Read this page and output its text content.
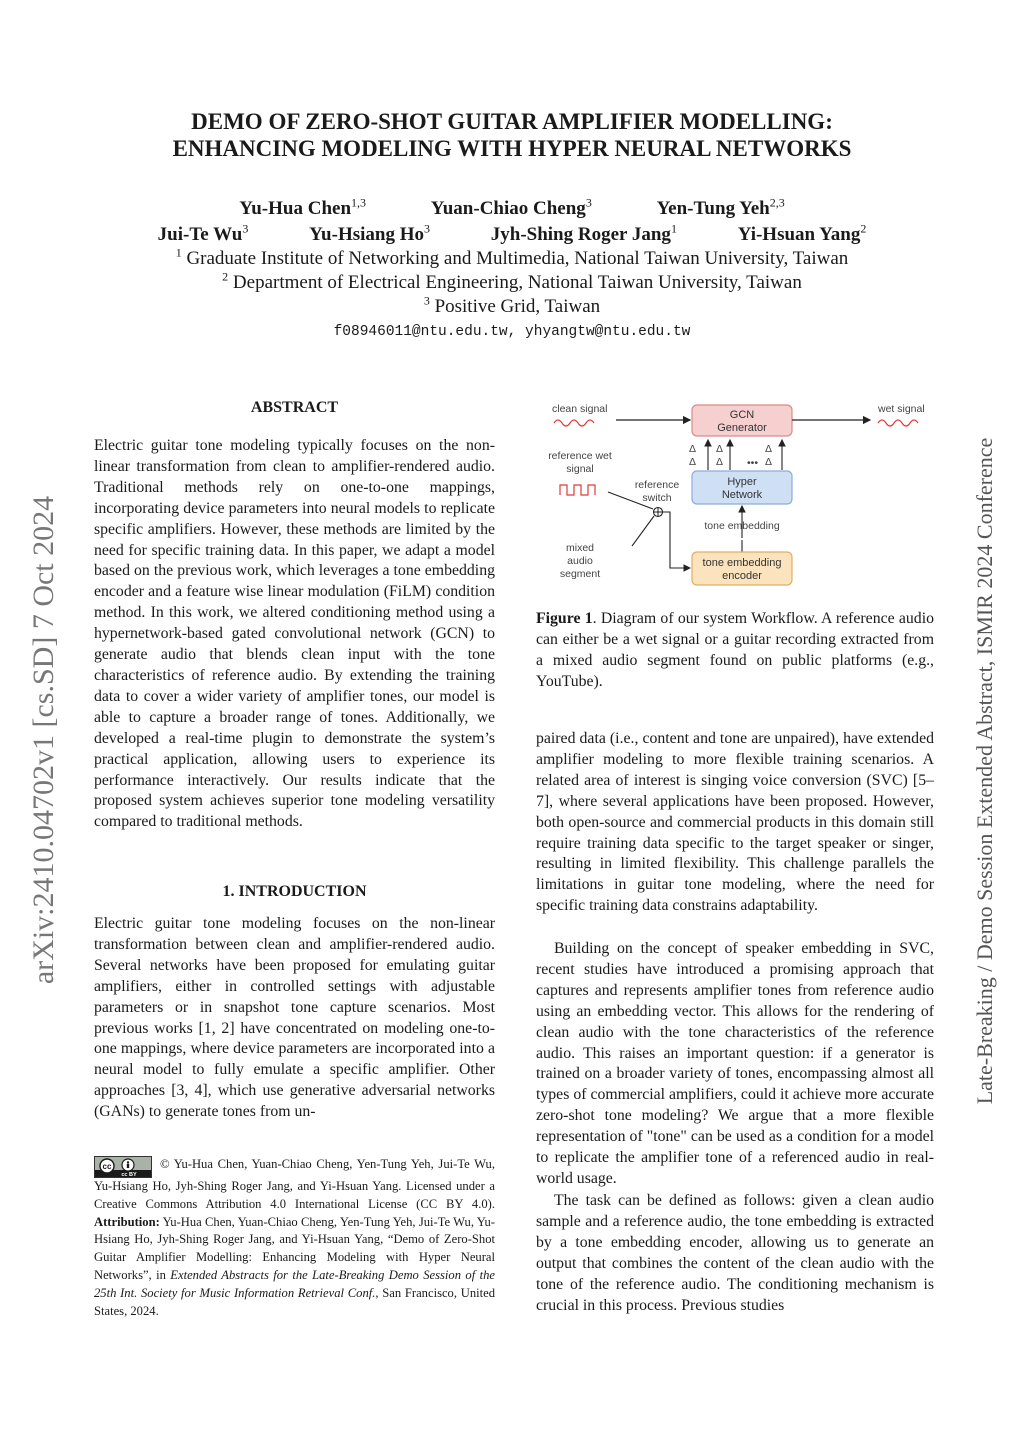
arXiv:2410.04702v1 [cs.SD] 7 Oct 2024	Late-Breaking / Demo Session Extended Abstract, ISMIR 2024 Conference
DEMO OF ZERO-SHOT GUITAR AMPLIFIER MODELLING:
ENHANCING MODELING WITH HYPER NEURAL NETWORKS
Yu-Hua Chen$^{1,3}$	Yuan-Chiao Cheng$^3$	Yen-Tung Yeh$^{2,3}$
Jui-Te Wu$^3$	Yu-Hsiang Ho$^3$	Jyh-Shing Roger Jang$^1$	Yi-Hsuan Yang$^2$
$^1$ Graduate Institute of Networking and Multimedia, National Taiwan University, Taiwan
$^2$ Department of Electrical Engineering, National Taiwan University, Taiwan
$^3$ Positive Grid, Taiwan
f08946011@ntu.edu.tw, yhyangtw@ntu.edu.tw
ABSTRACT

Electric guitar tone modeling typically focuses on the non-linear transformation from clean to amplifier-rendered audio. Traditional methods rely on one-to-one mappings, incorporating device parameters into neural models to replicate specific amplifiers. However, these methods are limited by the need for specific training data. In this paper, we adapt a model based on the previous work, which leverages a tone embedding encoder and a feature wise linear modulation (FiLM) condition method. In this work, we altered conditioning method using a hypernetwork-based gated convolutional network (GCN) to generate audio that blends clean input with the tone characteristics of reference audio. By extending the training data to cover a wider variety of amplifier tones, our model is able to capture a broader range of tones. Additionally, we developed a real-time plugin to demonstrate the system’s practical application, allowing users to experience its performance interactively. Our results indicate that the proposed system achieves superior tone modeling versatility compared to traditional methods.

1. INTRODUCTION

Electric guitar tone modeling focuses on the non-linear transformation between clean and amplifier-rendered audio. Several networks have been proposed for emulating guitar amplifiers, either in controlled settings with adjustable parameters or in snapshot tone capture scenarios. Most previous works [1, 2] have concentrated on modeling one-to-one mappings, where device parameters are incorporated into a neural model to fully emulate a specific amplifier. Other approaches [3, 4], which use generative adversarial networks (GANs) to generate tones from un-

cc
cc BY
© Yu-Hua Chen, Yuan-Chiao Cheng, Yen-Tung Yeh, Jui-Te Wu, Yu-Hsiang Ho, Jyh-Shing Roger Jang, and Yi-Hsuan Yang. Licensed under a Creative Commons Attribution 4.0 International License (CC BY 4.0). Attribution: Yu-Hua Chen, Yuan-Chiao Cheng, Yen-Tung Yeh, Jui-Te Wu, Yu-Hsiang Ho, Jyh-Shing Roger Jang, and Yi-Hsuan Yang, “Demo of Zero-Shot Guitar Amplifier Modelling: Enhancing Modeling with Hyper Neural Networks”, in Extended Abstracts for the Late-Breaking Demo Session of the 25th Int. Society for Music Information Retrieval Conf., San Francisco, United States, 2024.

clean signal	GCN
Generator
wet signal
Δ
Δ
Δ
Δ
Δ
Δ
•••
Hyper
Network
tone embedding
tone embedding
encoder
reference wet
signal
reference
switch
mixed
audio
segment

Figure 1. Diagram of our system Workflow. A reference audio can either be a wet signal or a guitar recording extracted from a mixed audio segment found on public platforms (e.g., YouTube).

paired data (i.e., content and tone are unpaired), have extended amplifier modeling to more flexible training scenarios. A related area of interest is singing voice conversion (SVC) [5–7], where several applications have been proposed. However, both open-source and commercial products in this domain still require training data specific to the target speaker or singer, resulting in limited flexibility. This challenge parallels the limitations in guitar tone modeling, where the need for specific training data constrains adaptability.

Building on the concept of speaker embedding in SVC, recent studies have introduced a promising approach that captures and represents amplifier tones from reference audio using an embedding vector. This allows for the rendering of clean audio with the tone characteristics of the reference audio. This raises an important question: if a generator is trained on a broader variety of tones, encompassing almost all types of commercial amplifiers, could it achieve more accurate zero-shot tone modeling? We argue that a more flexible representation of "tone" can be used as a condition for a model to replicate the amplifier tone of a referenced audio in real-world usage.

The task can be defined as follows: given a clean audio sample and a reference audio, the tone embedding is extracted by a tone embedding encoder, allowing us to generate an output that combines the content of the clean audio with the tone of the reference audio. The conditioning mechanism is crucial in this process. Previous studies
